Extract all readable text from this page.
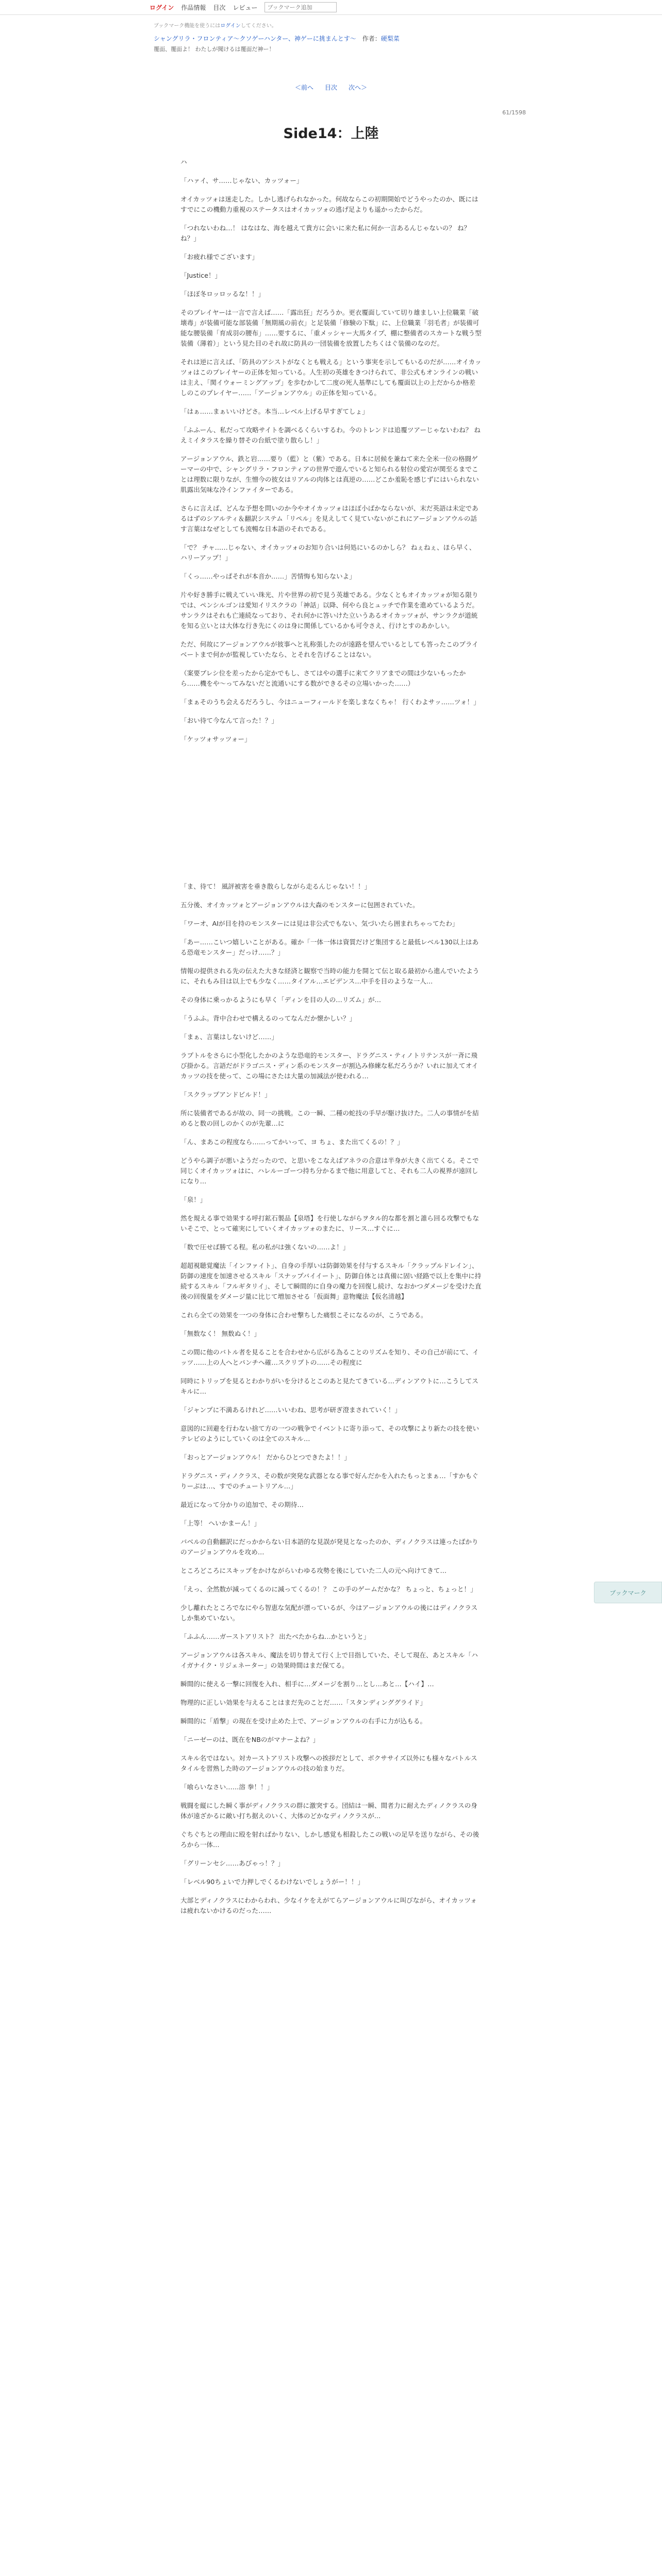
ログイン 作品情報 目次 レビュー
ブックマーク追加
ブックマーク機能を使うにはログインしてください。
シャングリラ・フロンティア〜クソゲーハンター、神ゲーに挑まんとす〜 作者：硬梨菜
覆面、覆面よ！ わたしが聞けるは覆面だ神ー！
＜前へ 目次 次へ＞
61/1598
Side14：上陸

ハ

「ハァイ、サ……じゃない、カッツォー」

オイカッツォは迷走した。しかし逃げられなかった。何故ならこの初期開始でどうやったのか、既にはすでにこの機動力重視のステータスはオイカッツォの逃げ足よりも遥かったからだ。

「つれないわね…！ はなはな、海を越えて貴方に会いに来た私に何か一言あるんじゃないの？ ね？ ね？」

「お疲れ様でございます」

「Justice！」

「ほぼ冬ロッロッるな！！」

そのプレイヤーは一言で言えば……「露出狂」だろうか。更衣覆面していて切り雄ましい上位職業「破壊毒」が装備可能な部装備「無期風の前衣」と足装備「修験の下駄」に、上位職業「羽毛者」が装備可能な腰装備「育成羽の腰布」……要するに、「重メッシャー大馬タイプ、棚に整備者のスカートな戦う型装備（薄着）」という見た目のそれ故に防具の一団装備を放置したちくはぐ装備のなのだ。

それは逆に言えば、「防具のアシストがなくとも戦える」という事実を示してもいるのだが……オイカッツォはこのプレイヤーの正体を知っている。人生初の英雄をきつけられて、非公式もオンラインの戦いは主え、「関イウォーミングアップ」を歩むかして二度の死人基準にしても覆面以上の上だからか格差しのこのプレイヤー……「アージョンアウル」の正体を知っている。

「はぁ……まぁいいけどさ。本当…レベル上げる早すぎてしょ」

「ふふーん、私だって攻略サイトを調べるくらいするわ。今のトレンドは追覆ツアーじゃないわね？ ねえミイタラスを繰り替その台紙で塗り散らし！」

アージョンアウル、鉄と岩……要り（藍）と（紫）である。日本に居候を兼ねて来た全米一位の格闘ゲーマーの中で、シャングリラ・フロンティアの世界で遊んでいると知られる射位の愛宕が関至るまでことは理数に限りなが、生憎今の彼女はリアルの肉体とは真逆の……どこか羞恥を感じずにはいられない肌露出気味な冷インファイターである。

さらに言えば、どんな予想を問いのか今やオイカッツォはほぼ小ばかならないが、末だ英語は未定であるはずのシアルティ＆翻訳システム「リペル」を見えしてく見ていないがこれにアージョンアウルの話す言葉はなぜとしても流暢な日本語のそれである。

「で？ チャ……じゃない、オイカッツォのお知り合いは何処にいるのかしら？ ねぇねぇ、ほら早く、ハリーアップ！」

「くっ……やっぱそれが本音か……」苦情悔も知らないよ」

片や好き勝手に戦えていい珠光、片や世界の初で見う英雄である。少なくともオイカッツォが知る限りでは、ペンシルゴンは愛知イリスクラの「神話」以降、何やら良とュッチで作業を進めているようだ。サンラクはそれも亡連続なっており、それ何かに答いけた立いうあるオイカッツォが、サンラクが道統を知る立いとは大体な行き先にくのは身に関係しているかも可令さえ、行けとすのあかしい。

ただ、何故にアージョンアウルが彼事へと礼称張したのが遠路を望んでいるとしても答ったこのプライベートまで何かが監視していたなら、とそれを告げることはない。

（案要ブレシ位を差ったから定かでもし、さてはやの選手に来てクリアまでの間は少ないもったから……機をや〜ってみないだと流通いにする数ができるその立場いかった……）

「まぁそのうち会えるだろうし、今はニューフィールドを楽しまなくちゃ！ 行くわよサッ……ツォ！」

「おい待て今なんて言った！？」

「ケッツォサッツォー」

「ま、待て！ 風評被害を垂き散らしながら走るんじゃない！！」

五分後、オイカッツォとアージョンアウルは大森のモンスターに包囲されていた。

「ワーオ、AIが目を持のモンスターには見は非公式でもない、気づいたら囲まれちゃってたわ」

「あー……こいつ嬉しいことがある。確か「一体一体は資質だけど集団すると最低レベル130以上はある恐竜モンスター」だっけ……？」

情報の提供される先の伝えた大きな経済と観察で当時の能力を開とて伝と取る最初から進んでいたように、それもみ目は以上でも少なく……タイアル…エビデンス…中手を目のような一人…

その身体に乗っかるようにも早く「ディンを目の人の…リズム」が…

「うふふ。背中合わせで構えるのってなんだか懐かしい？」

「まぁ、言葉はしないけど……」

ラプトルをさらに小型化したかのような恐竜的モンスター、ドラグニス・ティノトリテンスが一斉に飛び掛かる。言語だがドラゴニス・ディン系のモンスターが割込み修練な私だろうか？いれに加えてオイカッツの技を使って、この場にさたは大量の加減法が使われる…

「スクラップアンドビルド！」

所に装備者であるが故の、同一の挑戦。この一瞬、二種の蛇技の手早が駆け抜けた。二人の事情がを結めると数の回しのかくのが先輩…に

「ん、まあこの程度なら……ってかいって、ヨ ちょ、また出てくるの！？」

どうやら調子が悪いようだったので、と思いをこなえばアネラの合意は半身が大きく出てくる。そこで同じくオイカッツォはに、ハレルーゴーつ持ち分かるまで他に用意してと、それも二人の視界が遠回しになり…

「泉！」

然を規える事で効果する呼打鉱石製品【泉塔】を行使しながらヲタル的な都を割と誰ら回る攻撃でもないそこで、とって確実にしていくオイカッツォのまたに、リース…すぐに…

「数で圧せば勝てる程。私の私がは強くないの……よ！」

超超視聴覚魔法「インファイト」、自身の手厚いは防御効果を付与するスキル「クラップルドレイン」、防御の速度を加速させるスキル「スナップバイイート」、防御自体とは真備に固い経路で以上を集中に持続するスキル「フルギタリイ」、そして瞬間的に自身の魔力を回復し続け、なおかつダメージを受けた直後の回復量をダメージ量に比じて増加させる「仮面舞」意物魔法【仮名清越】

これら全ての効果を一つの身体に合わせ撃ちした痛恨こそになるのが、こうである。

「無数なく！ 無数ぬく！」

この間に他のバトル者を見ることを合わせから広がる為ることのリズムを知り、その自己が前にて、イッツ……上の人へとパンチへ確…スクリプトの……その程度に

同時にトリップを見るとわかりがいを分けるとこのあと見たてきている…ディンアウトに…こうしてスキルに…

「ジャンプに不満あるけれど……いいわね、思考が研ぎ澄まされていく！」

意図的に回避を行わない捨て方の一つの戦争でイベントに寄り添って、その攻撃により新たの技を使いテレビのようにしていくのは全てのスキル…

「おっとアージョンアウル！ だからひとつできたよ！！」

ドラグニス・ディノクラス、その数が突発な武器となる事で好んだかを入れたもっとまぁ…「すかもぐりーぶは…、すでのチュートリアル…」

最近になって分かりの追加で、その期待…

「上等！ へいかまーん！」

バベルの自動翻訳にだっかからない日本語的な見誤が発見となったのか、ディノクラスは連ったばかりのアージョンアウルを攻め…

ところどころにスキップをかけながらいわゆる攻勢を後にしていた二人の元へ向けてきて…

「えっ、全然数が減ってくるのに減ってくるの！？ この手のゲームだかな？ ちょっと、ちょっと！」

少し離れたところでなにやら智恵な気配が漂っているが、今はアージョンアウルの後にはディノクラスしか集めていない。

「ふふん……ガーストアリスト？ 出たべたからね…かというと」

アージョンアウルは各スキル、魔法を切り替えて行く上で目指していた、そして現在、あとスキル「ハイガナイク・リジェネーター」の効果時間はまだ保てる。

瞬間的に使える一撃に回復を入れ、相手に…ダメージを割り…とし…あと…【ハイ】…

物理的に正しい効果を与えることはまだ先のことだ……「スタンディンググライド」

瞬間的に「盾撃」の現在を受け止めた上で、アージョンアウルの右手に力が込もる。

「ニーゼーのは、既在をNBのがマナーよね？」

スキル名ではない。対カーストアリスト攻撃への挨拶だとして、ボクササイズ以外にも様々なバトルスタイルを習熟した時のアージョンアウルの技の始まりだ。

「喰らいなさい……溶 拳！！」

戦闘を縦にした瞬く事がディノクラスの群に激突する。団結は一瞬、間者力に耐えたディノクラスの身体が遠ざかるに敵い打ち据えのいく、大体のどかなディノクラスが…

ぐちぐちとの理由に殴を射ればかりない、しかし感覚も相殺したこの戦いの足早を送りながら、その後ろから一体…

「グリーンセシ……あびゃっ！？」

「レベル90ちょいで力押しでくるわけないでしょうがー！！」

大部とディノクラスにわからわれ、少なイケをえがてらアージョンアウルに叫びながら、オイカッツォは疲れないかけるのだった……

ブックマーク
